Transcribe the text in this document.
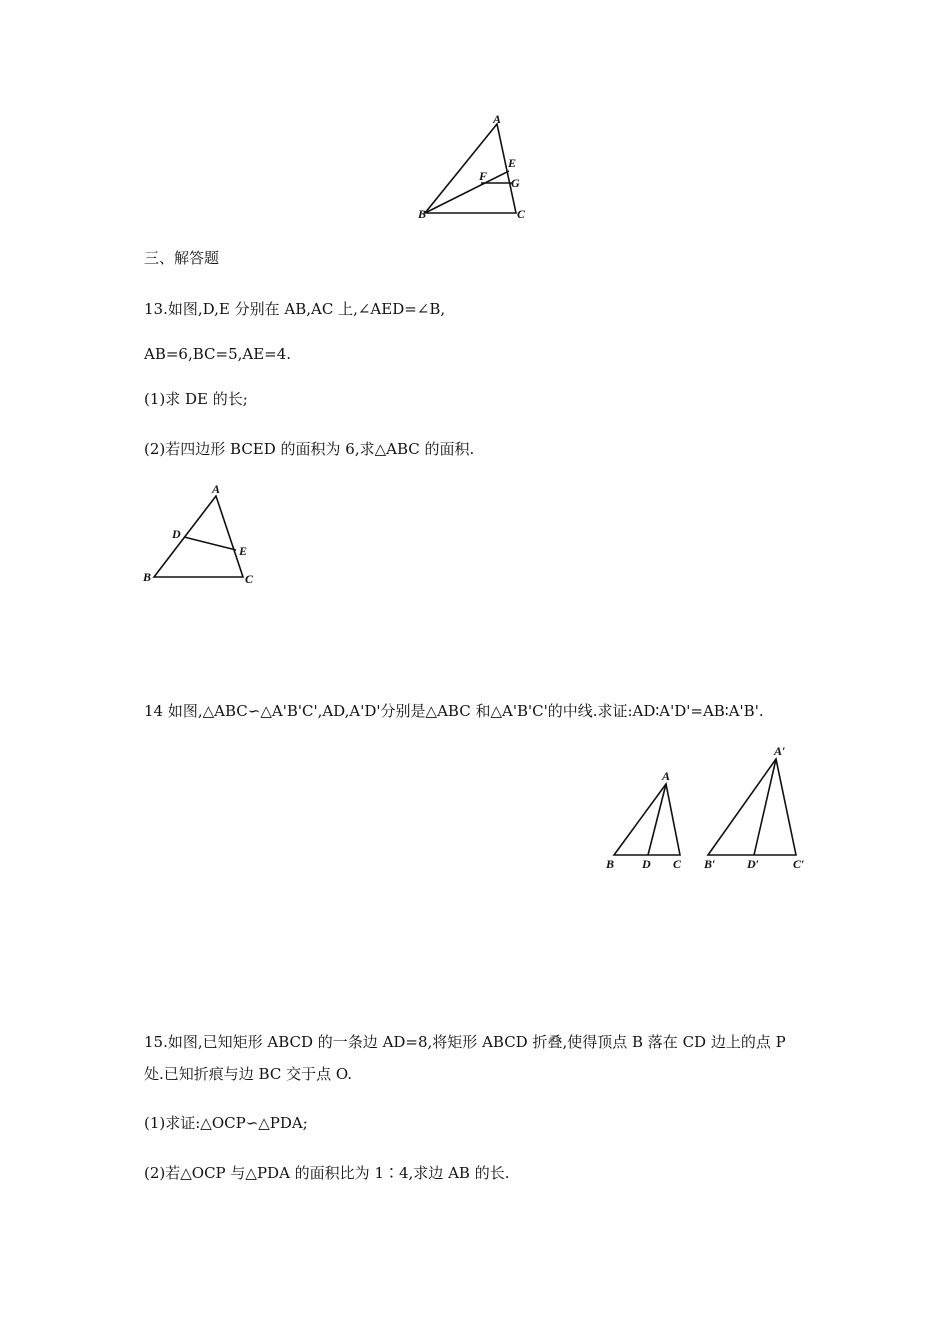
A
E
F G
B	C
三、解答题
13.如图,D,E 分别在 AB,AC 上,∠AED=∠B,
AB=6,BC=5,AE=4.
(1)求 DE 的长;
(2)若四边形 BCED 的面积为 6,求△ABC 的面积.
A
D
E
B	C
14 如图,△ABC∽△A'B'C',AD,A'D'分别是△ABC 和△A'B'C'的中线.求证:AD∶A'D'=AB∶A'B'.
A
B D C
A′
B′	D′	C′
15.如图,已知矩形 ABCD 的一条边 AD=8,将矩形 ABCD 折叠,使得顶点 B 落在 CD 边上的点 P
处.已知折痕与边 BC 交于点 O.
(1)求证:△OCP∽△PDA;
(2)若△OCP 与△PDA 的面积比为 1∶4,求边 AB 的长.
